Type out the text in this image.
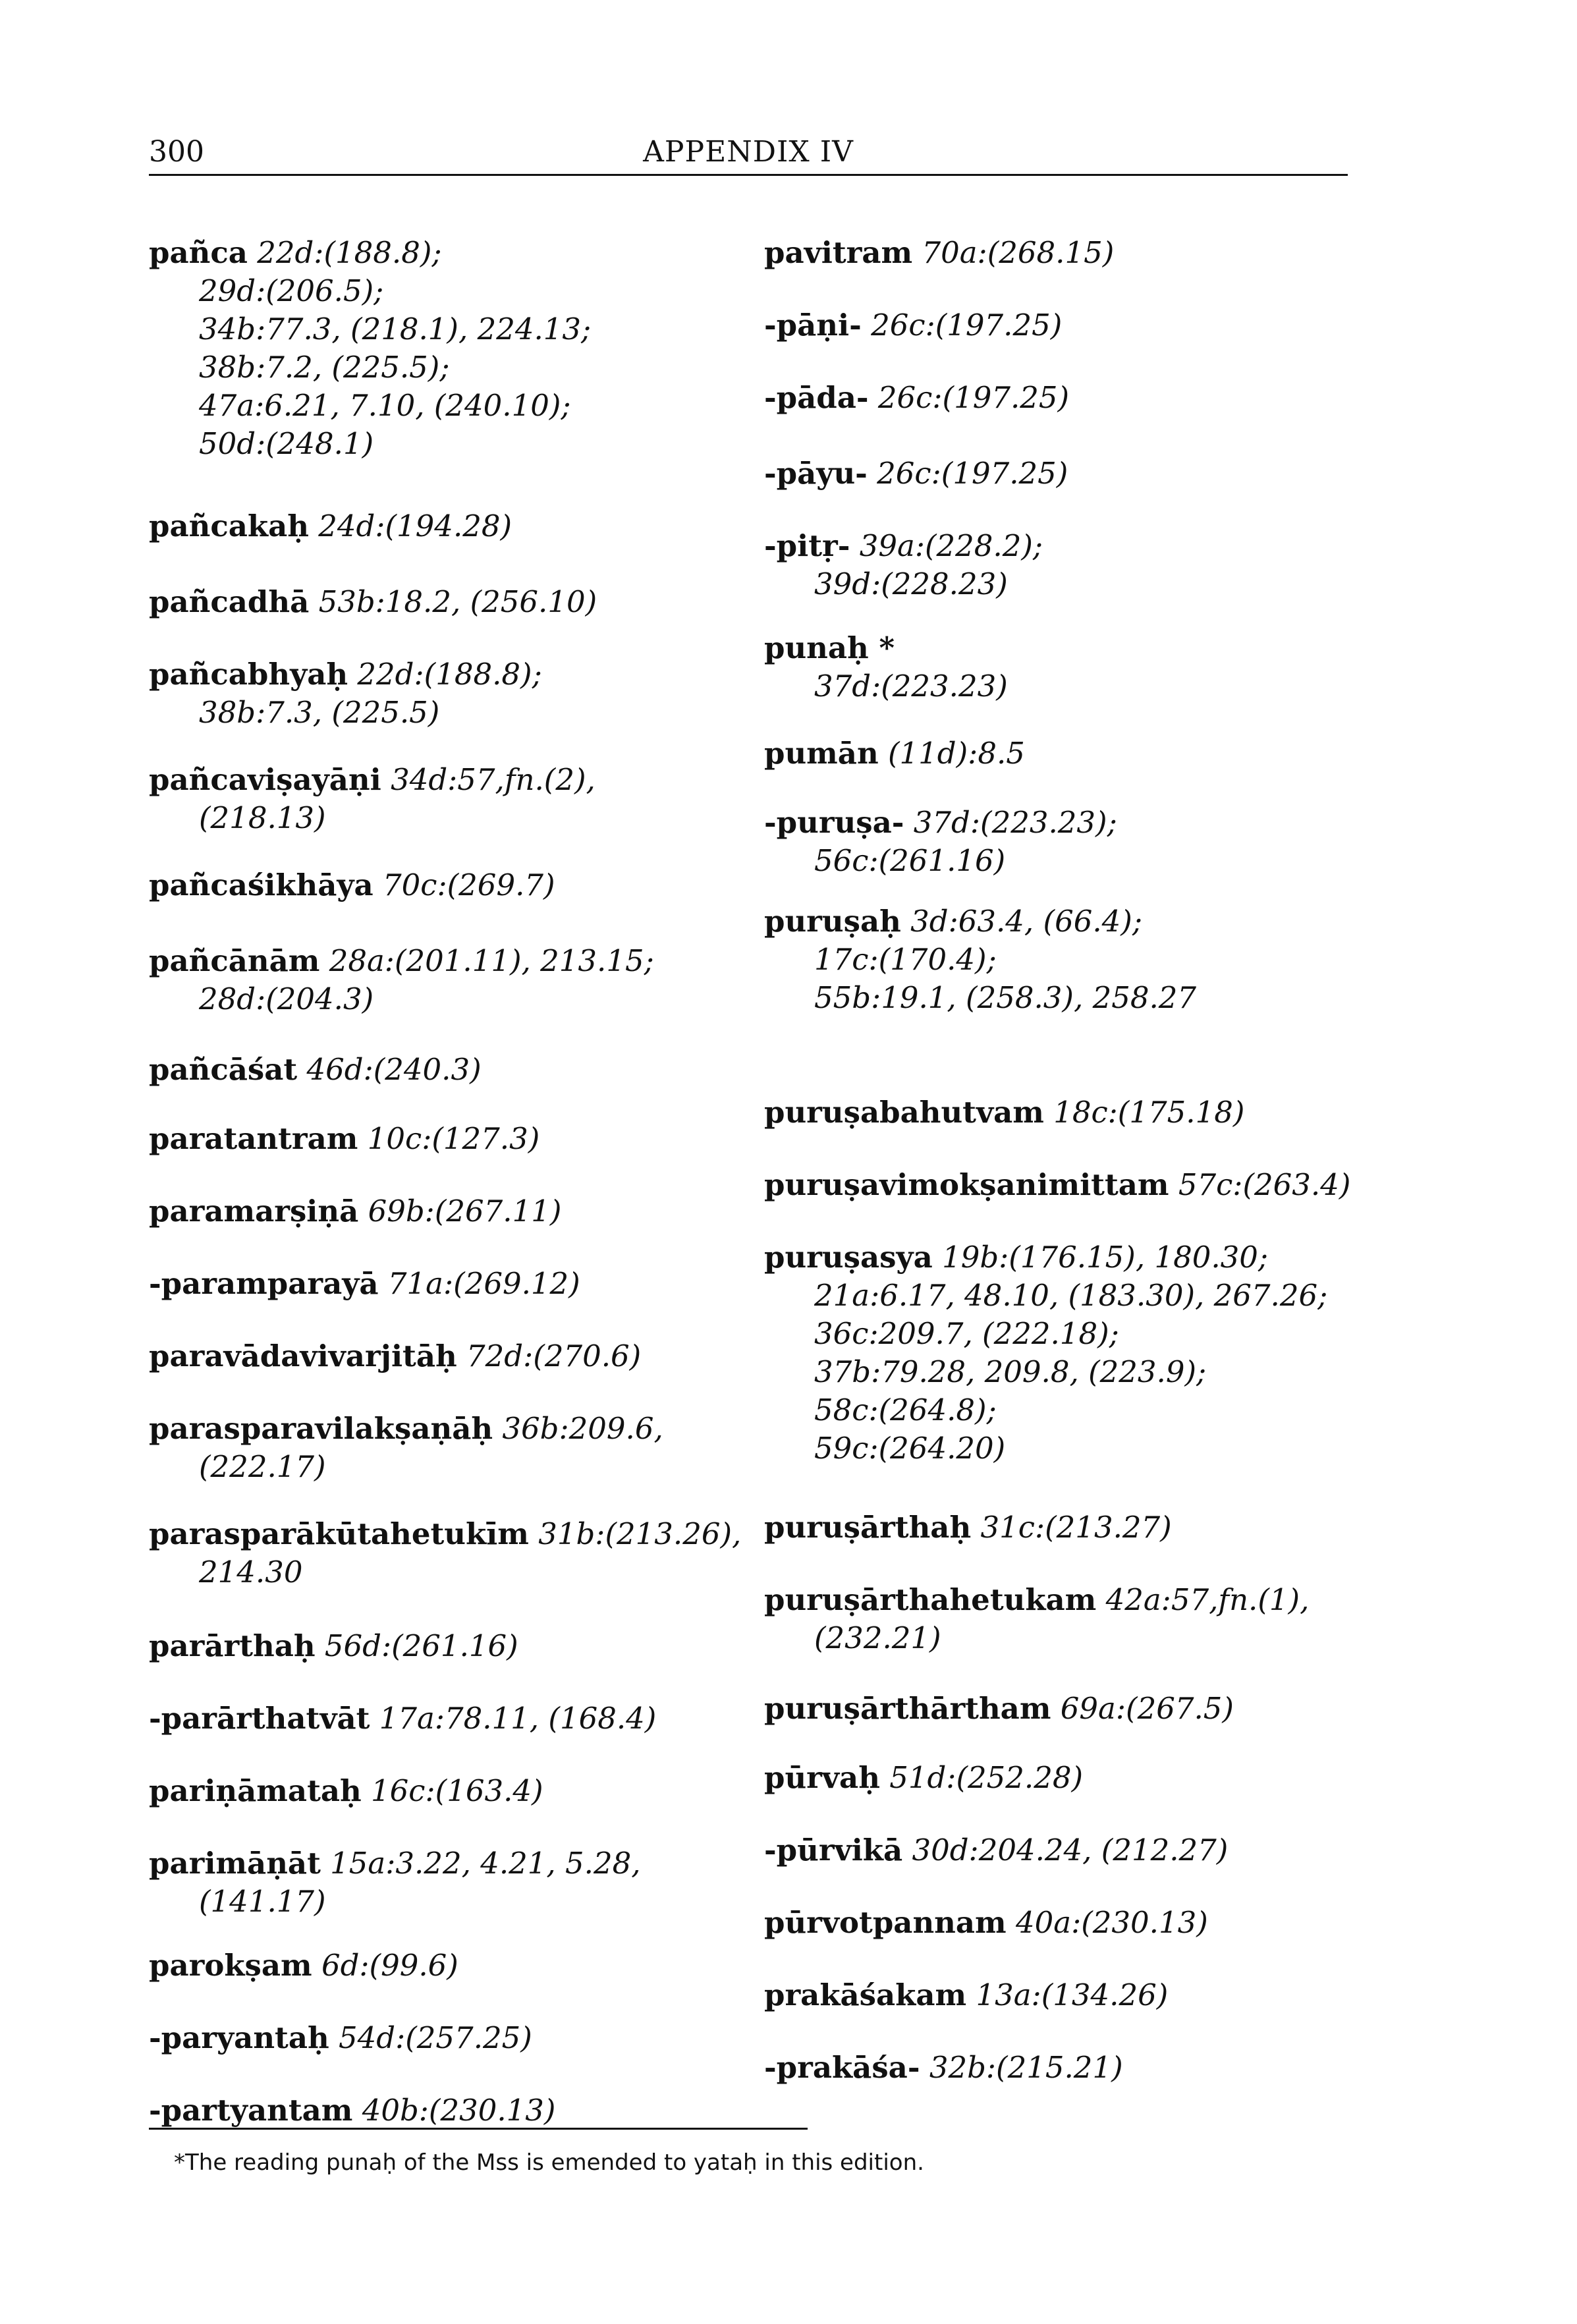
300	APPENDIX IV
pañca 22d:(188.8);
29d:(206.5);
34b:77.3, (218.1), 224.13;
38b:7.2, (225.5);
47a:6.21, 7.10, (240.10);
50d:(248.1)
pañcakaḥ 24d:(194.28)
pañcadhā 53b:18.2, (256.10)
pañcabhyaḥ 22d:(188.8);
38b:7.3, (225.5)
pañcaviṣayāṇi 34d:57,fn.(2),
(218.13)
pañcaśikhāya 70c:(269.7)
pañcānām 28a:(201.11), 213.15;
28d:(204.3)
pañcāśat 46d:(240.3)
paratantram 10c:(127.3)
paramarṣiṇā 69b:(267.11)
-paramparayā 71a:(269.12)
paravādavivarjitāḥ 72d:(270.6)
parasparavilakṣaṇāḥ 36b:209.6,
(222.17)
parasparākūtahetukīm 31b:(213.26),
214.30
parārthaḥ 56d:(261.16)
-parārthatvāt 17a:78.11, (168.4)
pariṇāmataḥ 16c:(163.4)
parimāṇāt 15a:3.22, 4.21, 5.28,
(141.17)
parokṣam 6d:(99.6)
-paryantaḥ 54d:(257.25)
-partyantam 40b:(230.13)
pavitram 70a:(268.15)
-pāṇi- 26c:(197.25)
-pāda- 26c:(197.25)
-pāyu- 26c:(197.25)
-pitṛ- 39a:(228.2);
39d:(228.23)
punaḥ *
37d:(223.23)
pumān (11d):8.5
-puruṣa- 37d:(223.23);
56c:(261.16)
puruṣaḥ 3d:63.4, (66.4);
17c:(170.4);
55b:19.1, (258.3), 258.27
puruṣabahutvam 18c:(175.18)
puruṣavimokṣanimittam 57c:(263.4)
puruṣasya 19b:(176.15), 180.30;
21a:6.17, 48.10, (183.30), 267.26;
36c:209.7, (222.18);
37b:79.28, 209.8, (223.9);
58c:(264.8);
59c:(264.20)
puruṣārthaḥ 31c:(213.27)
puruṣārthahetukam 42a:57,fn.(1),
(232.21)
puruṣārthārtham 69a:(267.5)
pūrvaḥ 51d:(252.28)
-pūrvikā 30d:204.24, (212.27)
pūrvotpannam 40a:(230.13)
prakāśakam 13a:(134.26)
-prakāśa- 32b:(215.21)
*The reading punaḥ of the Mss is emended to yataḥ in this edition.
